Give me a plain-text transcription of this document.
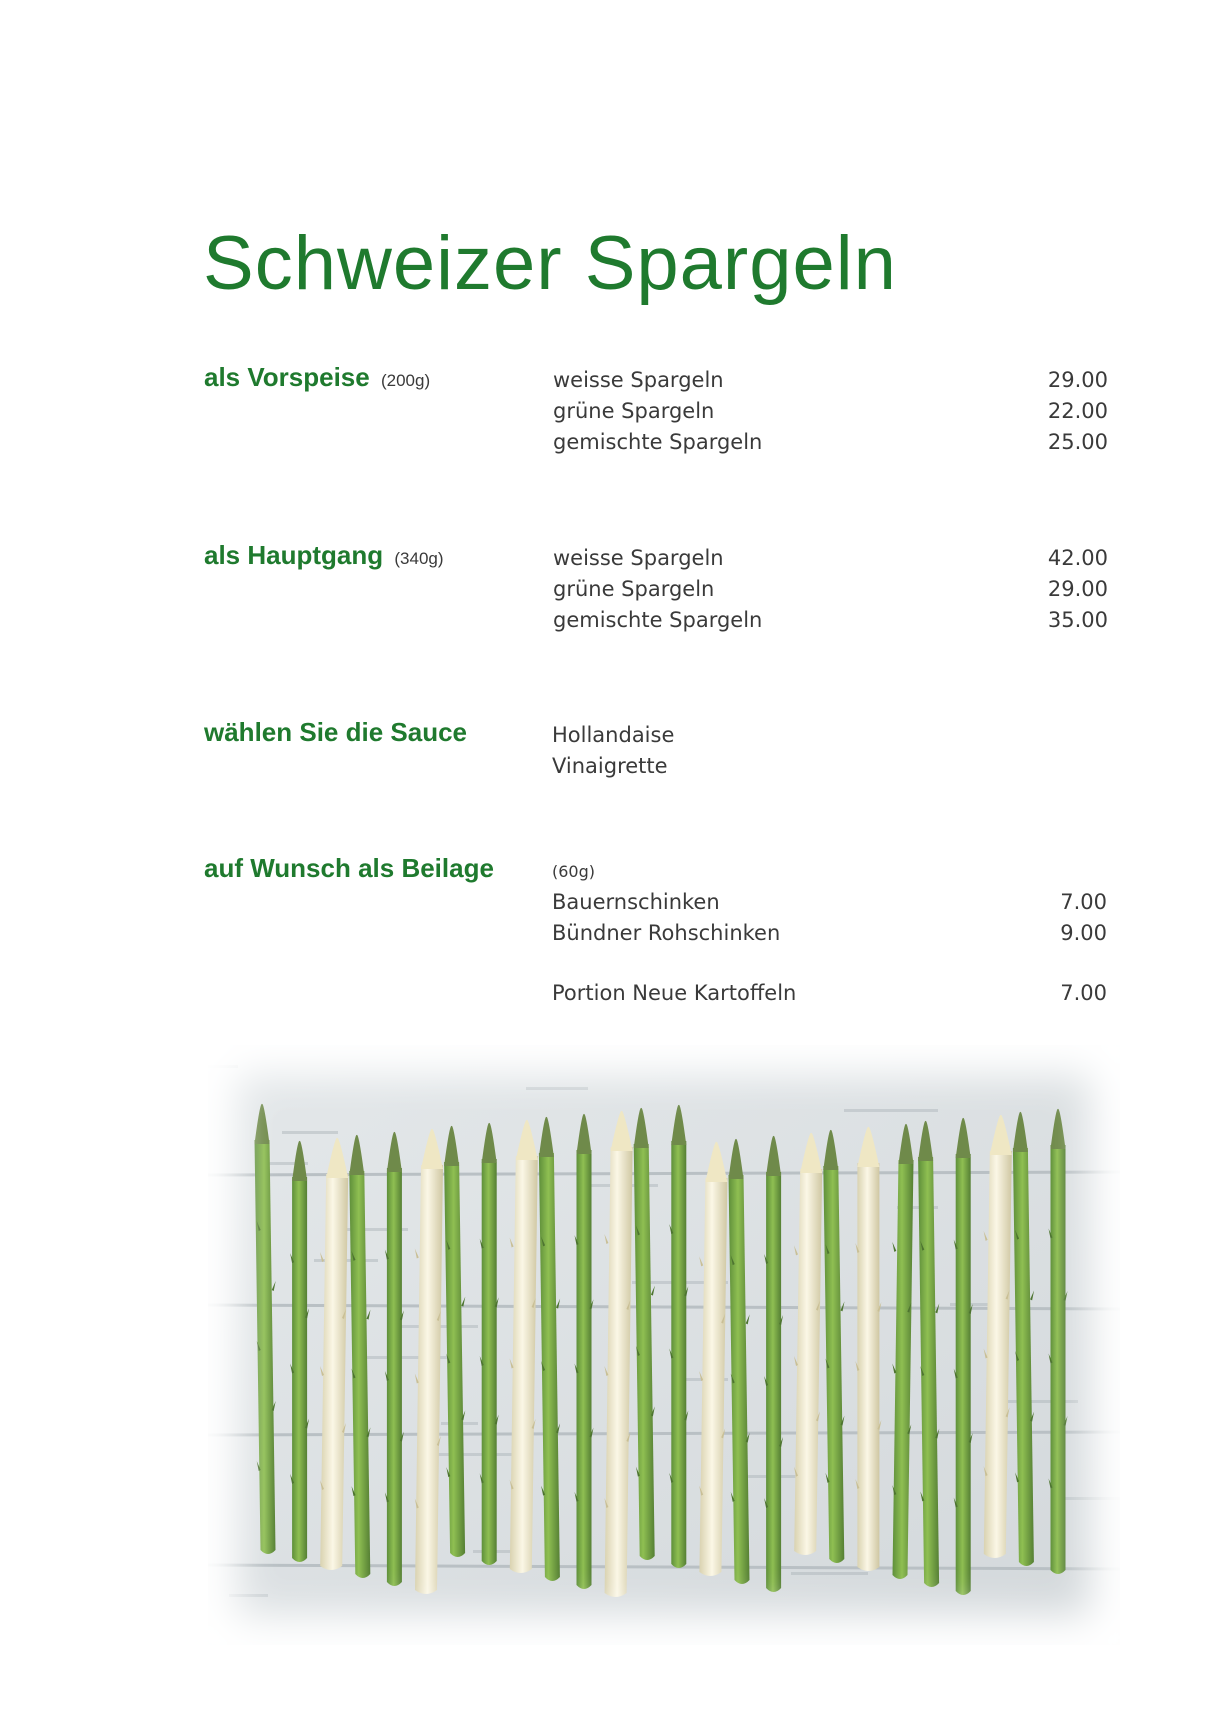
Schweizer Spargeln
als Vorspeise (200g)	weisse Spargeln	29.00
grüne Spargeln	22.00
gemischte Spargeln	25.00
als Hauptgang (340g)	weisse Spargeln	42.00
grüne Spargeln	29.00
gemischte Spargeln	35.00
wählen Sie die Sauce	Hollandaise
Vinaigrette
auf Wunsch als Beilage	(60g)
Bauernschinken	7.00
Bündner Rohschinken	9.00
Portion Neue Kartoffeln	7.00
